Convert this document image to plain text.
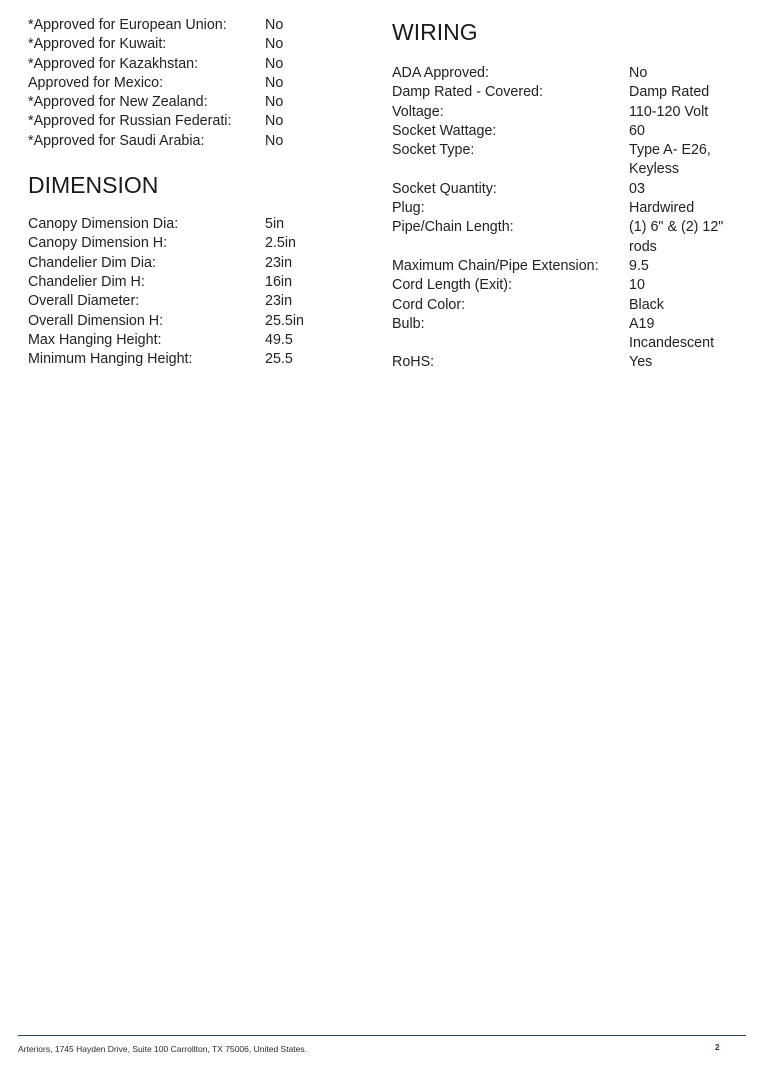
*Approved for European Union:	No
*Approved for Kuwait:	No
*Approved for Kazakhstan:	No
Approved for Mexico:	No
*Approved for New Zealand:	No
*Approved for Russian Federati:	No
*Approved for Saudi Arabia:	No
DIMENSION
Canopy Dimension Dia:	5in
Canopy Dimension H:	2.5in
Chandelier Dim Dia:	23in
Chandelier Dim H:	16in
Overall Diameter:	23in
Overall Dimension H:	25.5in
Max Hanging Height:	49.5
Minimum Hanging Height:	25.5
WIRING
ADA Approved:	No
Damp Rated - Covered:	Damp Rated
Voltage:	110-120 Volt
Socket Wattage:	60
Socket Type:	Type A- E26, Keyless
Socket Quantity:	03
Plug:	Hardwired
Pipe/Chain Length:	(1) 6" & (2) 12" rods
Maximum Chain/Pipe Extension:	9.5
Cord Length (Exit):	10
Cord Color:	Black
Bulb:	A19 Incandescent
RoHS:	Yes
Arteriors, 1745 Hayden Drive, Suite 100 Carrollton, TX 75006, United States.	2
